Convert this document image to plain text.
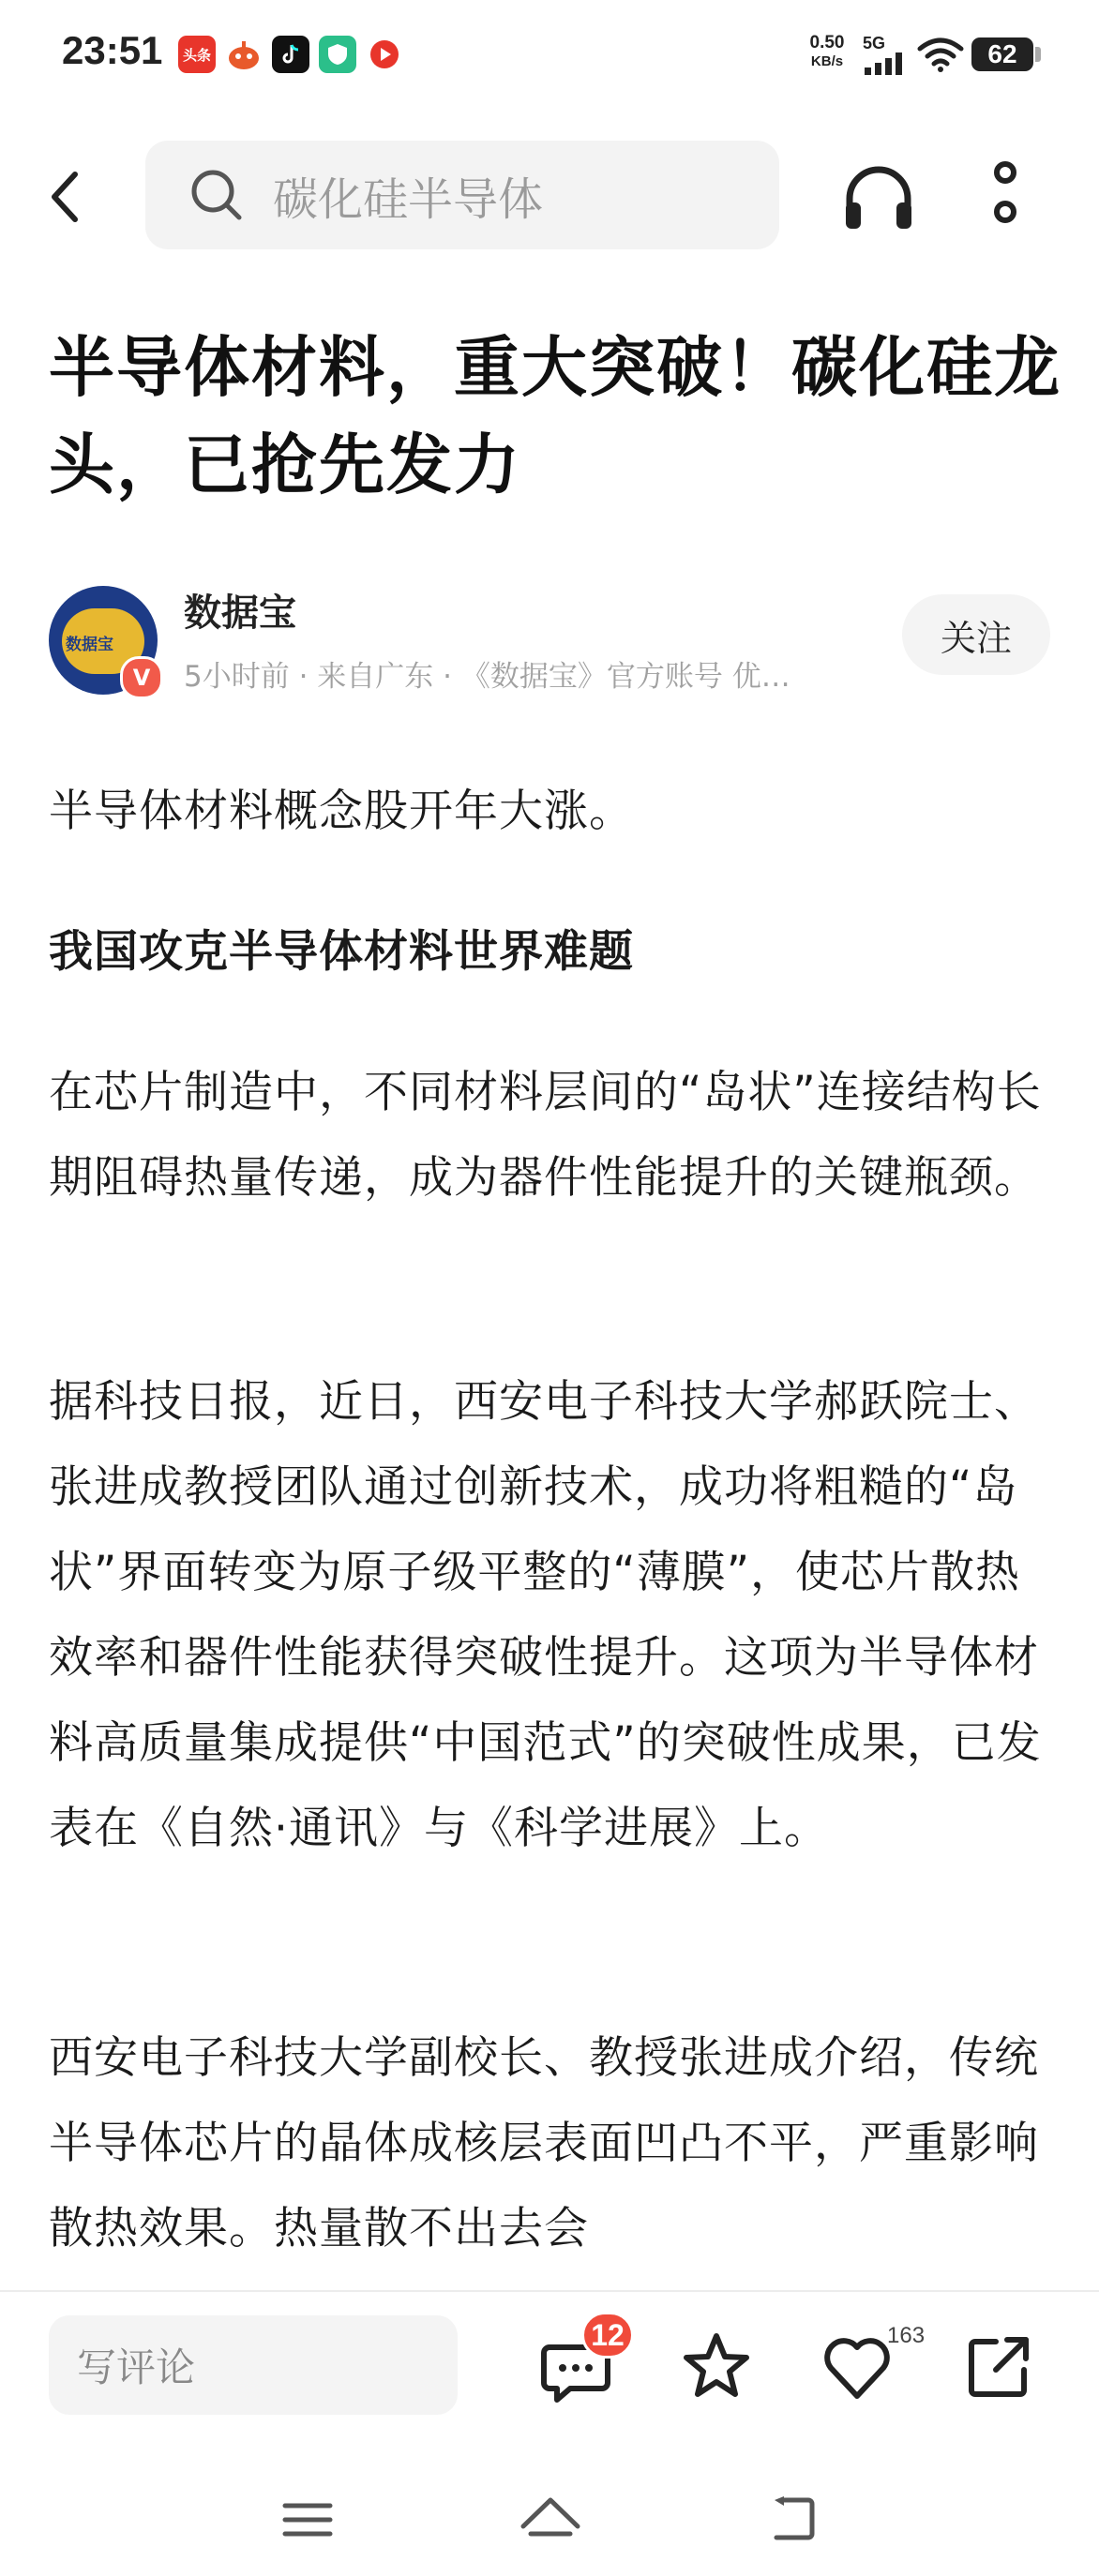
23:51 头条
0.50
KB/s
5G	62
碳化硅半导体
半导体材料，重大突破！碳化硅龙头，已抢先发力
数据宝
V
数据宝
5小时前 · 来自广东 · 《数据宝》官方账号 优…
关注
半导体材料概念股开年大涨。
我国攻克半导体材料世界难题
在芯片制造中，不同材料层间的“岛状”连接结构长期阻碍热量传递，成为器件性能提升的关键瓶颈。
据科技日报，近日，西安电子科技大学郝跃院士、张进成教授团队通过创新技术，成功将粗糙的“岛状”界面转变为原子级平整的“薄膜”，使芯片散热效率和器件性能获得突破性提升。这项为半导体材料高质量集成提供“中国范式”的突破性成果，已发表在《自然·通讯》与《科学进展》上。
西安电子科技大学副校长、教授张进成介绍，传统半导体芯片的晶体成核层表面凹凸不平，严重影响散热效果。热量散不出去会
写评论
12	163
